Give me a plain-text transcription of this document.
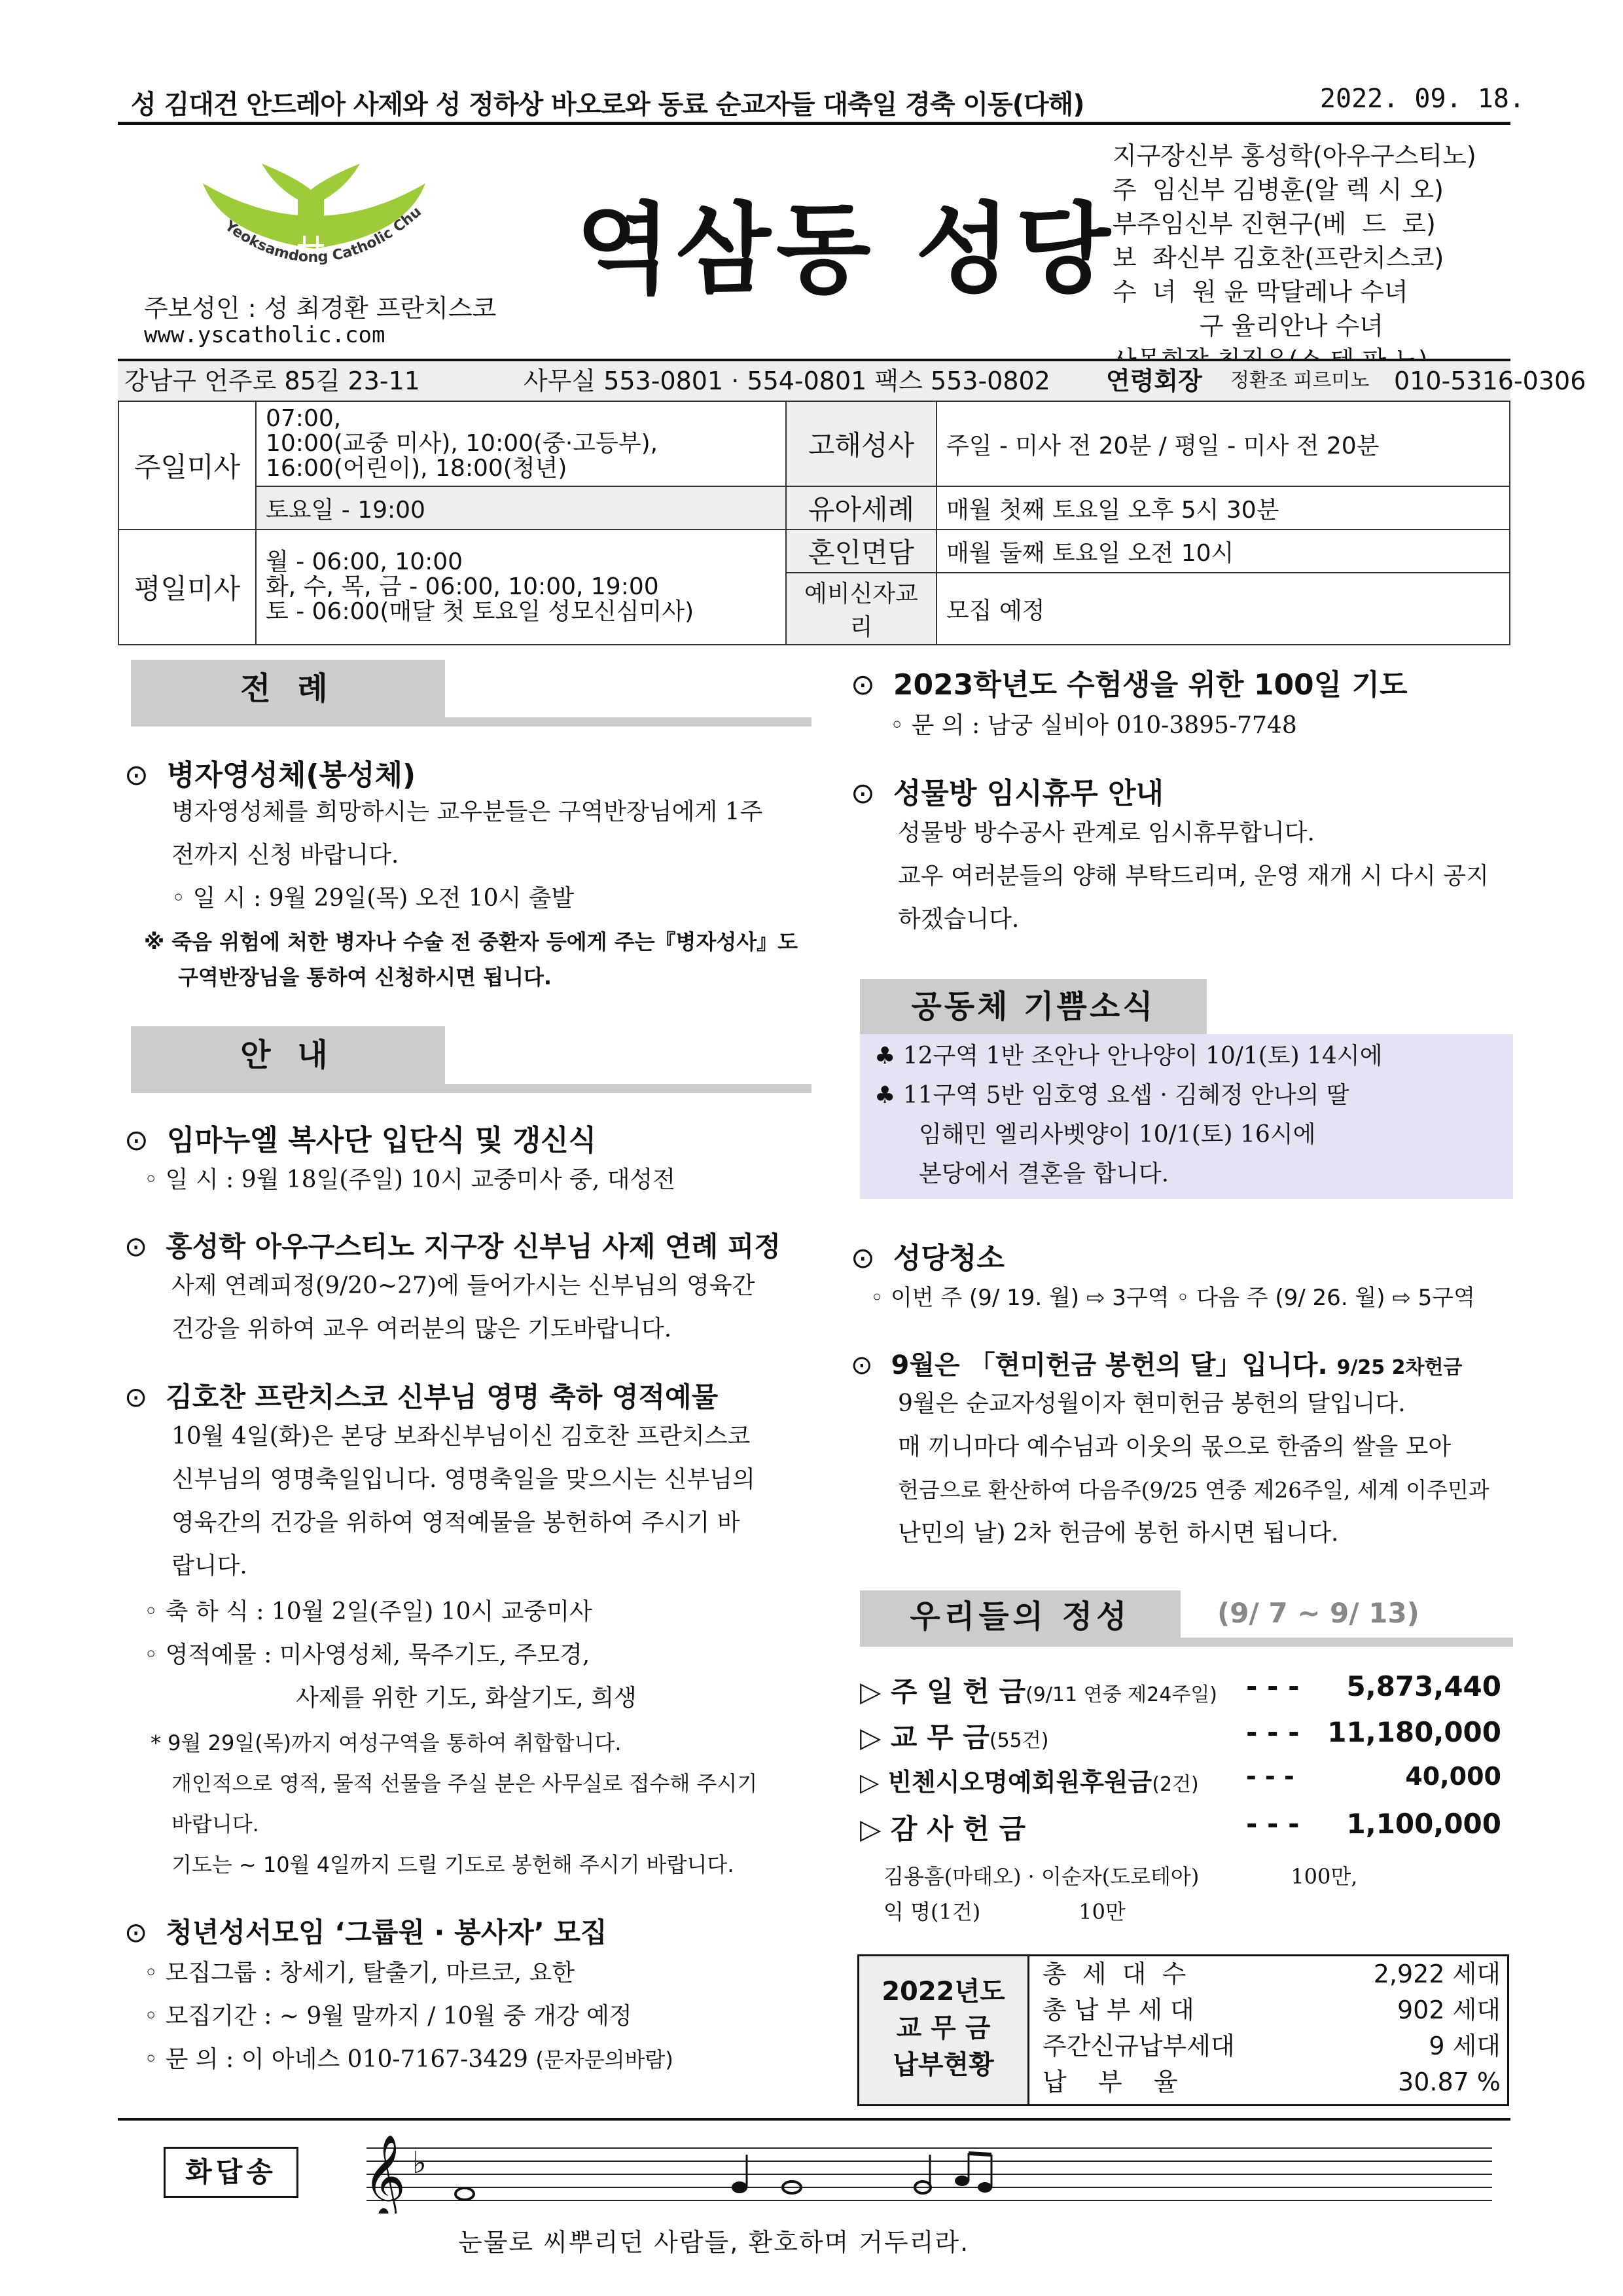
성 김대건 안드레아 사제와 성 정하상 바오로와 동료 순교자들 대축일 경축 이동(다해)	2022. 09. 18.
Yeoksamdong Catholic Chu 역삼동 성당
주보성인 : 성 최경환 프란치스코
www.yscatholic.com
지구장신부 홍성학(아우구스티노)
주  임신부 김병훈(알 렉 시 오)
부주임신부 진현구(베  드  로)
보  좌신부 김호찬(프란치스코)
수  녀  원 윤 막달레나 수녀
구 율리안나 수녀
강남구 언주로 85길 23-11	사무실 553-0801 · 554-0801 팩스 553-0802 연령회장 정환조 피르미노 010-5316-0306
주일미사	07:00,
10:00(교중 미사), 10:00(중·고등부),
16:00(어린이), 18:00(청년)	고해성사	주일 - 미사 전 20분 / 평일 - 미사 전 20분
	토요일 - 19:00	유아세례	매월 첫째 토요일 오후 5시 30분
평일미사	월 - 06:00, 10:00
화, 수, 목, 금 - 06:00, 10:00, 19:00
토 - 06:00(매달 첫 토요일 성모신심미사)	혼인면담	매월 둘째 토요일 오전 10시
		예비신자교리	모집 예정
전 례
⊙ 병자영성체(봉성체)
병자영성체를 희망하시는 교우분들은 구역반장님에게 1주
전까지 신청 바랍니다.
◦ 일 시 : 9월 29일(목) 오전 10시 출발
※ 죽음 위험에 처한 병자나 수술 전 중환자 등에게 주는『병자성사』도
구역반장님을 통하여 신청하시면 됩니다.
안 내
⊙ 임마누엘 복사단 입단식 및 갱신식
◦ 일 시 : 9월 18일(주일) 10시 교중미사 중, 대성전
⊙ 홍성학 아우구스티노 지구장 신부님 사제 연례 피정
사제 연례피정(9/20~27)에 들어가시는 신부님의 영육간
건강을 위하여 교우 여러분의 많은 기도바랍니다.
⊙ 김호찬 프란치스코 신부님 영명 축하 영적예물
10월 4일(화)은 본당 보좌신부님이신 김호찬 프란치스코
신부님의 영명축일입니다. 영명축일을 맞으시는 신부님의
영육간의 건강을 위하여 영적예물을 봉헌하여 주시기 바
랍니다.
◦ 축 하 식 : 10월 2일(주일) 10시 교중미사
◦ 영적예물 : 미사영성체, 묵주기도, 주모경,
사제를 위한 기도, 화살기도, 희생
* 9월 29일(목)까지 여성구역을 통하여 취합합니다.
개인적으로 영적, 물적 선물을 주실 분은 사무실로 접수해 주시기
바랍니다.
기도는 ~ 10월 4일까지 드릴 기도로 봉헌해 주시기 바랍니다.
⊙ 청년성서모임 ‘그룹원 · 봉사자’ 모집
◦ 모집그룹 : 창세기, 탈출기, 마르코, 요한
◦ 모집기간 : ~ 9월 말까지 / 10월 중 개강 예정
◦ 문 의 : 이 아네스 010-7167-3429 (문자문의바람)
⊙ 2023학년도 수험생을 위한 100일 기도
◦ 문 의 : 남궁 실비아 010-3895-7748
⊙ 성물방 임시휴무 안내
성물방 방수공사 관계로 임시휴무합니다.
교우 여러분들의 양해 부탁드리며, 운영 재개 시 다시 공지
하겠습니다.
공동체 기쁨소식
♣ 12구역 1반 조안나 안나양이 10/1(토) 14시에
♣ 11구역 5반 임호영 요셉 · 김혜정 안나의 딸
임해민 엘리사벳양이 10/1(토) 16시에
본당에서 결혼을 합니다.
⊙ 성당청소
◦ 이번 주 (9/ 19. 월) ⇨ 3구역 ◦ 다음 주 (9/ 26. 월) ⇨ 5구역
⊙ 9월은 「현미헌금 봉헌의 달」입니다. 9/25 2차헌금
9월은 순교자성월이자 현미헌금 봉헌의 달입니다.
매 끼니마다 예수님과 이웃의 몫으로 한줌의 쌀을 모아
헌금으로 환산하여 다음주(9/25 연중 제26주일, 세계 이주민과
난민의 날) 2차 헌금에 봉헌 하시면 됩니다.
우리들의 정성	(9/ 7 ~ 9/ 13)
▷ 주 일 헌 금(9/11 연중 제24주일) - - - 5,873,440
▷ 교 무 금(55건)	- - - 11,180,000
▷ 빈첸시오명예회원후원금(2건) - - -	40,000
▷ 감 사 헌 금	- - - 1,100,000
김용흠(마태오) · 이순자(도로테아)	100만,
익 명(1건)	10만
2022년도
교 무 금
납부현황
총  세  대  수	2,922 세대
총 납 부 세 대	902 세대
주간신규납부세대	9 세대
납    부    율	30.87 %
화답송	𝄞 ♭
눈물로 씨뿌리던 사람들, 환호하며 거두리라.
